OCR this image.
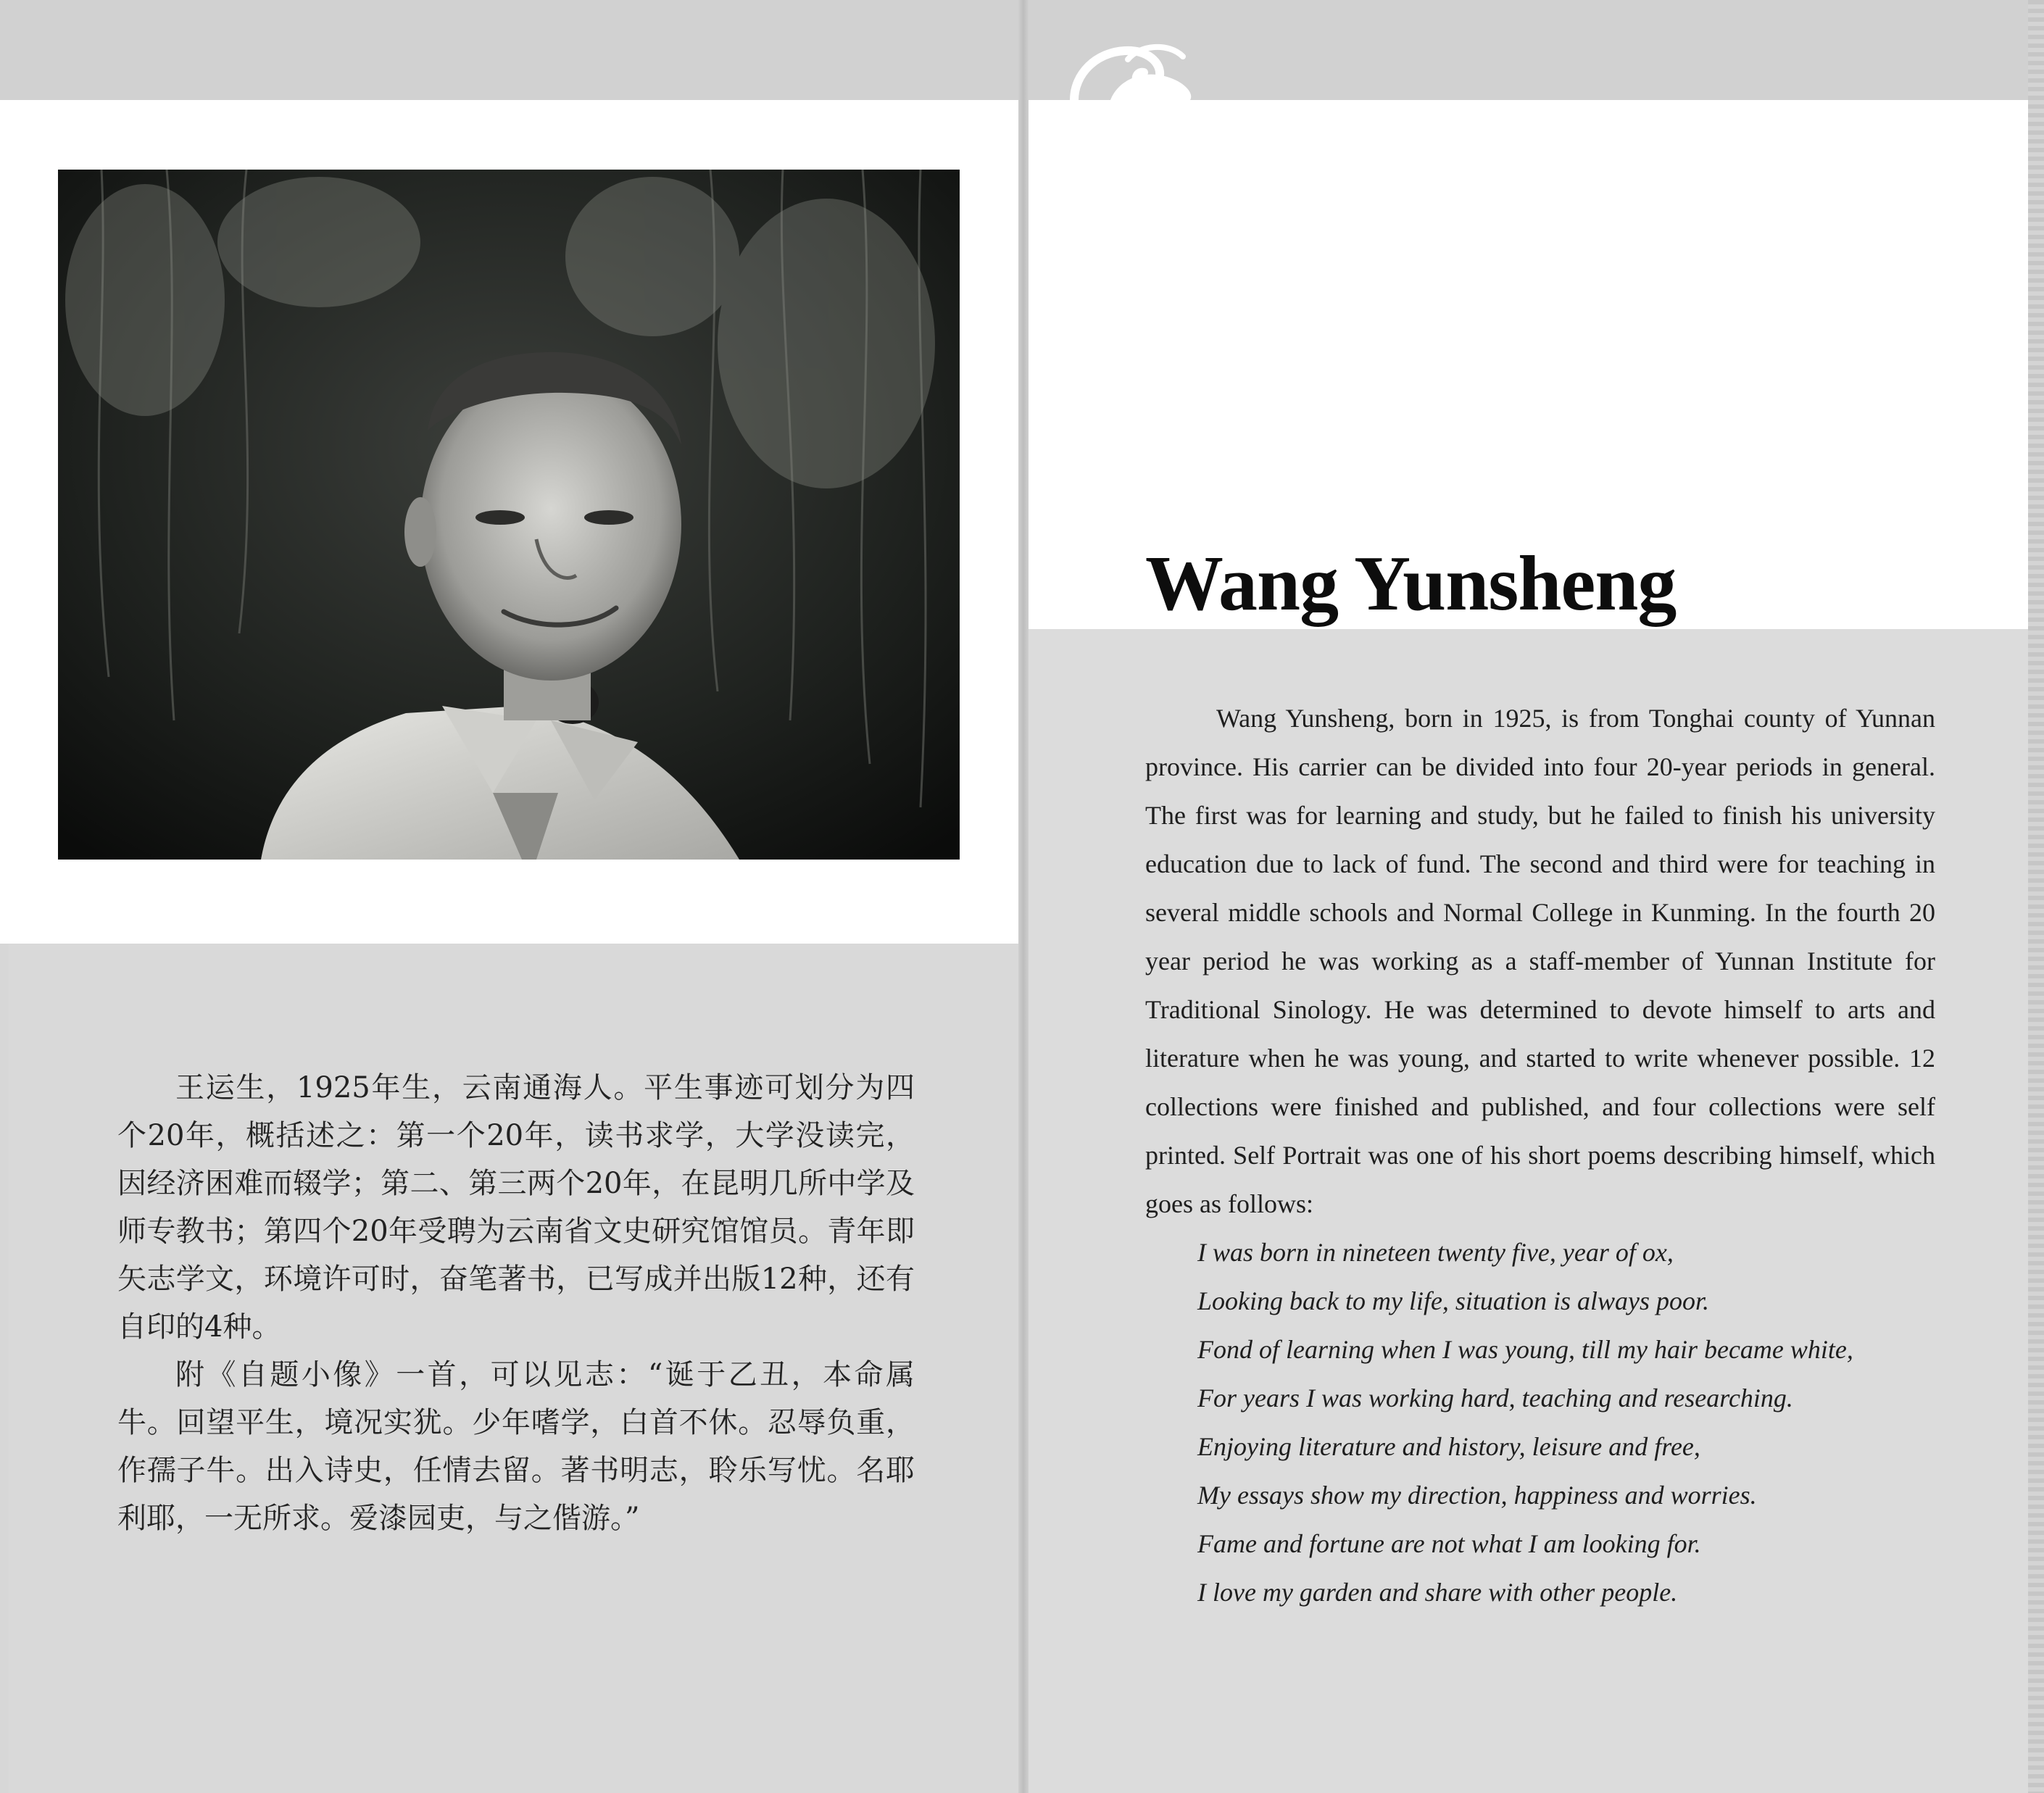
Wang Yunsheng

王运生，1925年生，云南通海人。平生事迹可划分为四个20年，概括述之：第一个20年，读书求学，大学没读完，因经济困难而辍学；第二、第三两个20年，在昆明几所中学及师专教书；第四个20年受聘为云南省文史研究馆馆员。青年即矢志学文，环境许可时，奋笔著书，已写成并出版12种，还有自印的4种。

附《自题小像》一首，可以见志：“诞于乙丑，本命属牛。回望平生，境况实犹。少年嗜学，白首不休。忍辱负重，作孺子牛。出入诗史，任情去留。著书明志，聆乐写忧。名耶利耶，一无所求。爱漆园吏，与之偕游。”

Wang Yunsheng, born in 1925, is from Tonghai county of Yunnan province. His carrier can be divided into four 20-year periods in general. The first was for learning and study, but he failed to finish his university education due to lack of fund. The second and third were for teaching in several middle schools and Normal College in Kunming. In the fourth 20 year period he was working as a staff-member of Yunnan Institute for Traditional Sinology. He was determined to devote himself to arts and literature when he was young, and started to write whenever possible. 12 collections were finished and published, and four collections were self printed. Self Portrait was one of his short poems describing himself, which goes as follows:

I was born in nineteen twenty five, year of ox,
Looking back to my life, situation is always poor.
Fond of learning when I was young, till my hair became white,
For years I was working hard, teaching and researching.
Enjoying literature and history, leisure and free,
My essays show my direction, happiness and worries.
Fame and fortune are not what I am looking for.
I love my garden and share with other people.
